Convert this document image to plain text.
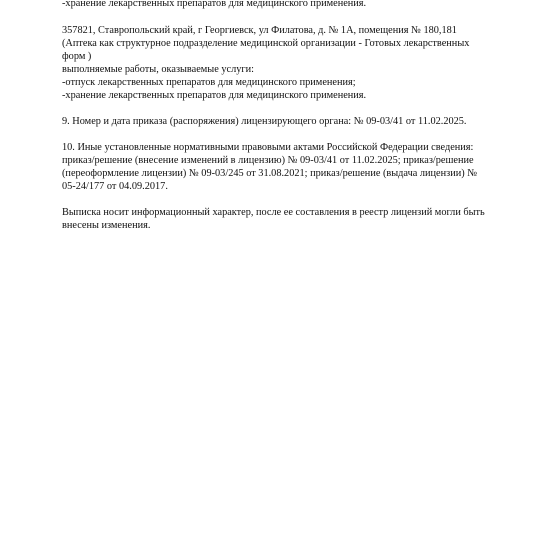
-хранение лекарственных препаратов для медицинского применения.
357821, Ставропольский край, г Георгиевск, ул Филатова, д. № 1А, помещения № 180,181
(Аптека как структурное подразделение медицинской организации - Готовых лекарственных
форм )
выполняемые работы, оказываемые услуги:
-отпуск лекарственных препаратов для медицинского применения;
-хранение лекарственных препаратов для медицинского применения.
9. Номер и дата приказа (распоряжения) лицензирующего органа: № 09-03/41 от 11.02.2025.
10. Иные установленные нормативными правовыми актами Российской Федерации сведения:
приказ/решение (внесение изменений в лицензию) № 09-03/41 от 11.02.2025; приказ/решение
(переоформление лицензии) № 09-03/245 от 31.08.2021; приказ/решение (выдача лицензии) №
05-24/177 от 04.09.2017.
Выписка носит информационный характер, после ее составления в реестр лицензий могли быть
внесены изменения.
